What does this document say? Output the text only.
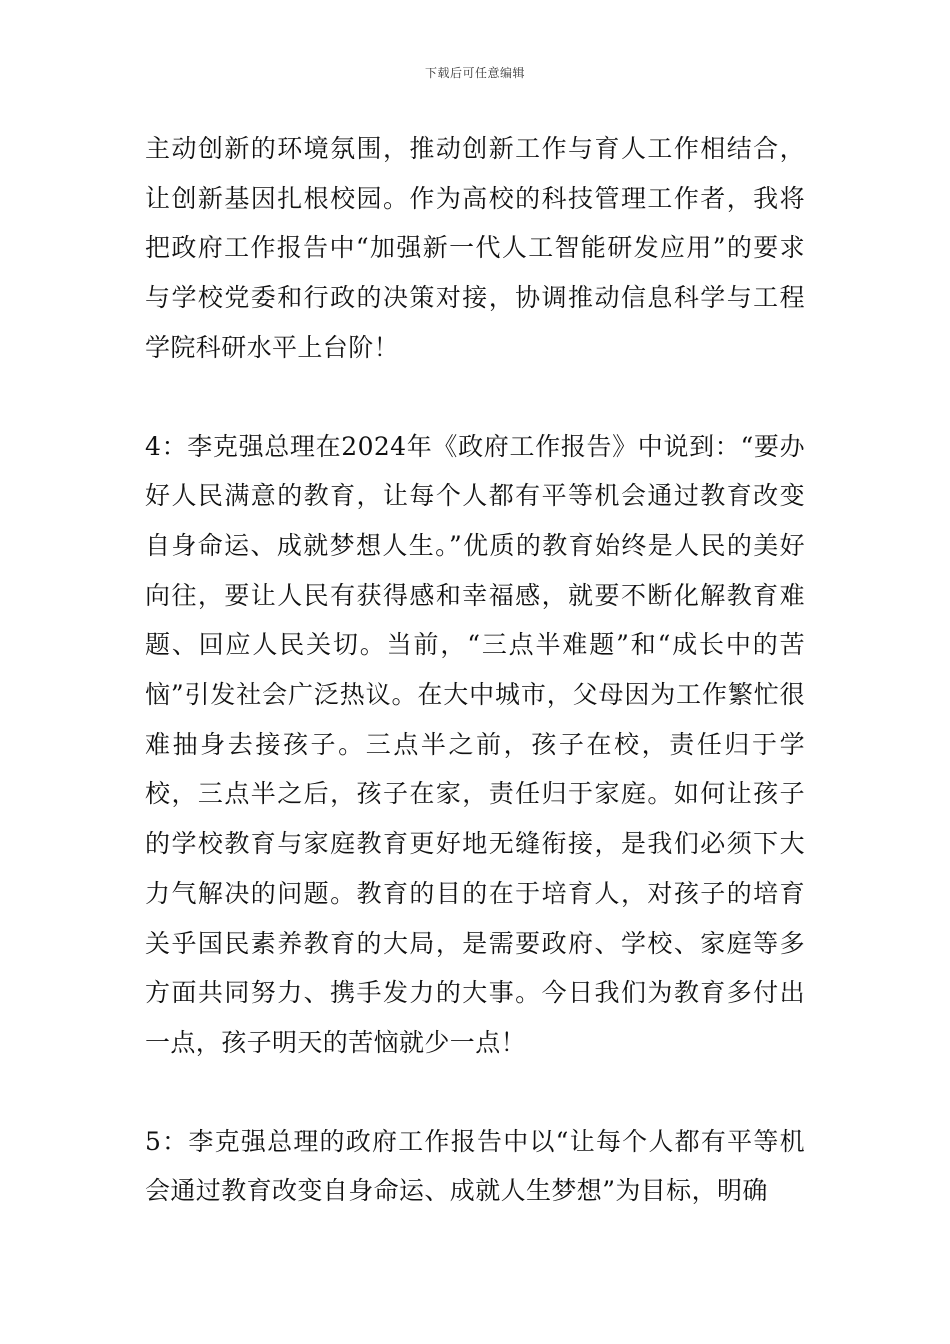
下载后可任意编辑

主动创新的环境氛围，推动创新工作与育人工作相结合，让创新基因扎根校园。作为高校的科技管理工作者，我将把政府工作报告中“加强新一代人工智能研发应用”的要求与学校党委和行政的决策对接，协调推动信息科学与工程学院科研水平上台阶！

4：李克强总理在2024年《政府工作报告》中说到：“要办好人民满意的教育，让每个人都有平等机会通过教育改变自身命运、成就梦想人生。”优质的教育始终是人民的美好向往，要让人民有获得感和幸福感，就要不断化解教育难题、回应人民关切。当前，“三点半难题”和“成长中的苦恼”引发社会广泛热议。在大中城市，父母因为工作繁忙很难抽身去接孩子。三点半之前，孩子在校，责任归于学校，三点半之后，孩子在家，责任归于家庭。如何让孩子的学校教育与家庭教育更好地无缝衔接，是我们必须下大力气解决的问题。教育的目的在于培育人，对孩子的培育关乎国民素养教育的大局，是需要政府、学校、家庭等多方面共同努力、携手发力的大事。今日我们为教育多付出一点，孩子明天的苦恼就少一点！

5：李克强总理的政府工作报告中以“让每个人都有平等机会通过教育改变自身命运、成就人生梦想”为目标，明确
